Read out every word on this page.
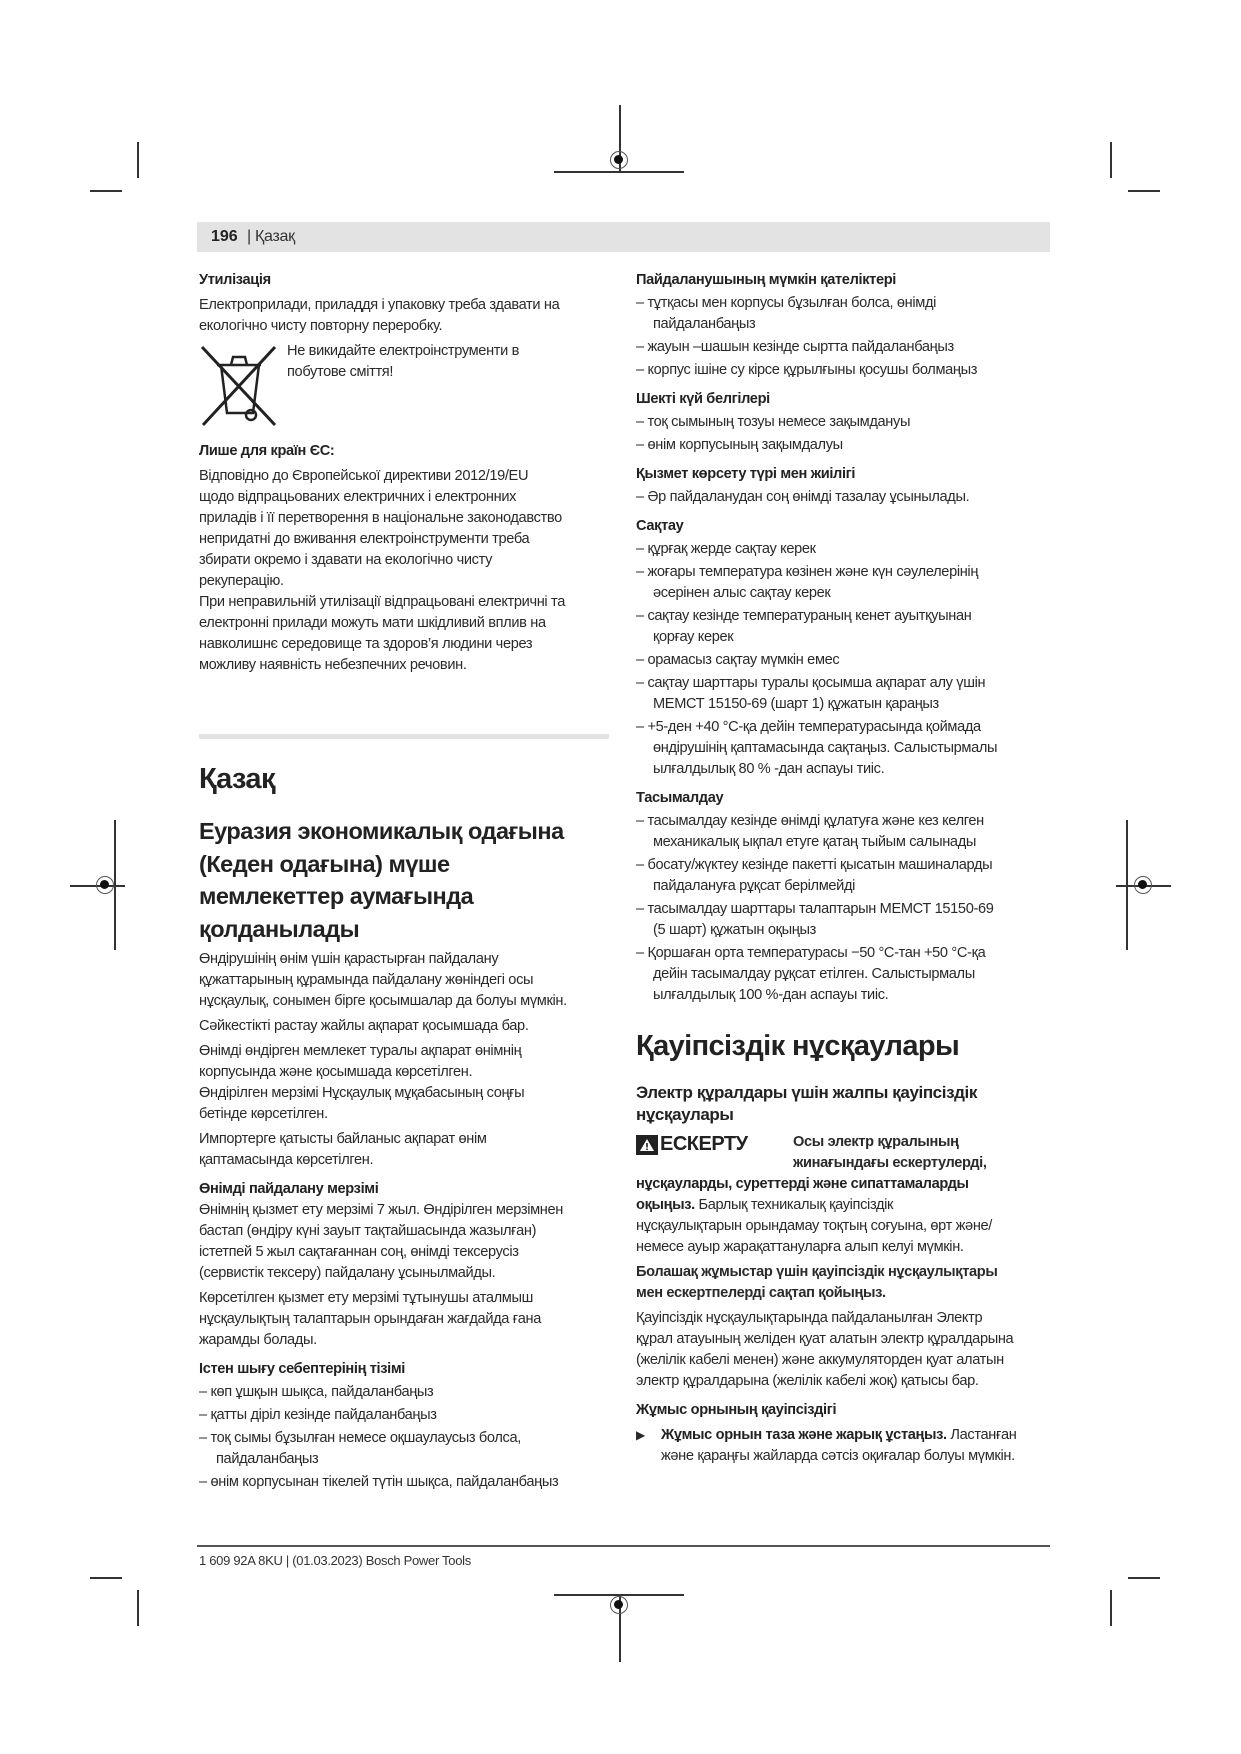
196 | Қазақ
Утилізація
Електроприлади, приладдя і упаковку треба здавати на
екологічно чисту повторну переробку.
Не викидайте електроінструменти в
побутове сміття!
Лише для країн ЄС:
Відповідно до Європейської директиви 2012/19/EU
щодо відпрацьованих електричних і електронних
приладів і її перетворення в національне законодавство
непридатні до вживання електроінструменти треба
збирати окремо і здавати на екологічно чисту
рекуперацію.
При неправильній утилізації відпрацьовані електричні та
електронні прилади можуть мати шкідливий вплив на
навколишнє середовище та здоров’я людини через
можливу наявність небезпечних речовин.
Қазақ
Еуразия экономикалық одағына
(Кеден одағына) мүше
мемлекеттер аумағында
қолданылады
Өндірушінің өнім үшін қарастырған пайдалану
құжаттарының құрамында пайдалану жөніндегі осы
нұсқаулық, сонымен бірге қосымшалар да болуы мүмкін.
Сәйкестікті растау жайлы ақпарат қосымшада бар.
Өнімді өндірген мемлекет туралы ақпарат өнімнің
корпусында және қосымшада көрсетілген.
Өндірілген мерзімі Нұсқаулық мұқабасының соңғы
бетінде көрсетілген.
Импортерге қатысты байланыс ақпарат өнім
қаптамасында көрсетілген.
Өнімді пайдалану мерзімі
Өнімнің қызмет ету мерзімі 7 жыл. Өндірілген мерзімнен
бастап (өндіру күні зауыт тақтайшасында жазылған)
істетпей 5 жыл сақтағаннан соң, өнімді тексерусіз
(сервистік тексеру) пайдалану ұсынылмайды.
Көрсетілген қызмет ету мерзімі тұтынушы аталмыш
нұсқаулықтың талаптарын орындаған жағдайда ғана
жарамды болады.
Істен шығу себептерінің тізімі
– көп ұшқын шықса, пайдаланбаңыз
– қатты діріл кезінде пайдаланбаңыз
– тоқ сымы бұзылған немесе оқшаулаусыз болса,
пайдаланбаңыз
– өнім корпусынан тікелей түтін шықса, пайдаланбаңыз
Пайдаланушының мүмкін қателіктері
– тұтқасы мен корпусы бұзылған болса, өнімді
пайдаланбаңыз
– жауын –шашын кезінде сыртта пайдаланбаңыз
– корпус ішіне су кірсе құрылғыны қосушы болмаңыз
Шекті күй белгілері
– тоқ сымының тозуы немесе зақымдануы
– өнім корпусының зақымдалуы
Қызмет көрсету түрі мен жиілігі
– Әр пайдаланудан соң өнімді тазалау ұсынылады.
Сақтау
– құрғақ жерде сақтау керек
– жоғары температура көзінен және күн сәулелерінің
әсерінен алыс сақтау керек
– сақтау кезінде температураның кенет ауытқуынан
қорғау керек
– орамасыз сақтау мүмкін емес
– сақтау шарттары туралы қосымша ақпарат алу үшін
МЕМСТ 15150-69 (шарт 1) құжатын қараңыз
– +5-ден +40 °C-қа дейін температурасында қоймада
өндірушінің қаптамасында сақтаңыз. Салыстырмалы
ылғалдылық 80 % -дан аспауы тиіс.
Тасымалдау
– тасымалдау кезінде өнімді құлатуға және кез келген
механикалық ықпал етуге қатаң тыйым салынады
– босату/жүктеу кезінде пакетті қысатын машиналарды
пайдалануға рұқсат берілмейді
– тасымалдау шарттары талаптарын МЕМСТ 15150-69
(5 шарт) құжатын оқыңыз
– Қоршаған орта температурасы −50 °C-тан +50 °C-қа
дейін тасымалдау рұқсат етілген. Салыстырмалы
ылғалдылық 100 %-дан аспауы тиіс.
Қауіпсіздік нұсқаулары
Электр құралдары үшін жалпы қауіпсіздік
нұсқаулары
ЕСКЕРТУ	Осы электр құралының
жинағындағы ескертулерді,
нұсқауларды, суреттерді және сипаттамаларды
оқыңыз. Барлық техникалық қауіпсіздік
нұсқаулықтарын орындамау тоқтың соғуына, өрт және/
немесе ауыр жарақаттануларға алып келуі мүмкін.
Болашақ жұмыстар үшін қауіпсіздік нұсқаулықтары
мен ескертпелерді сақтап қойыңыз.
Қауіпсіздік нұсқаулықтарында пайдаланылған Электр
құрал атауының желіден қуат алатын электр құралдарына
(желілік кабелі менен) және аккумуляторден қуат алатын
электр құралдарына (желілік кабелі жоқ) қатысы бар.
Жұмыс орнының қауіпсіздігі
▶ Жұмыс орнын таза және жарық ұстаңыз. Ластанған
және қараңғы жайларда сәтсіз оқиғалар болуы мүмкін.
1 609 92A 8KU | (01.03.2023) Bosch Power Tools
